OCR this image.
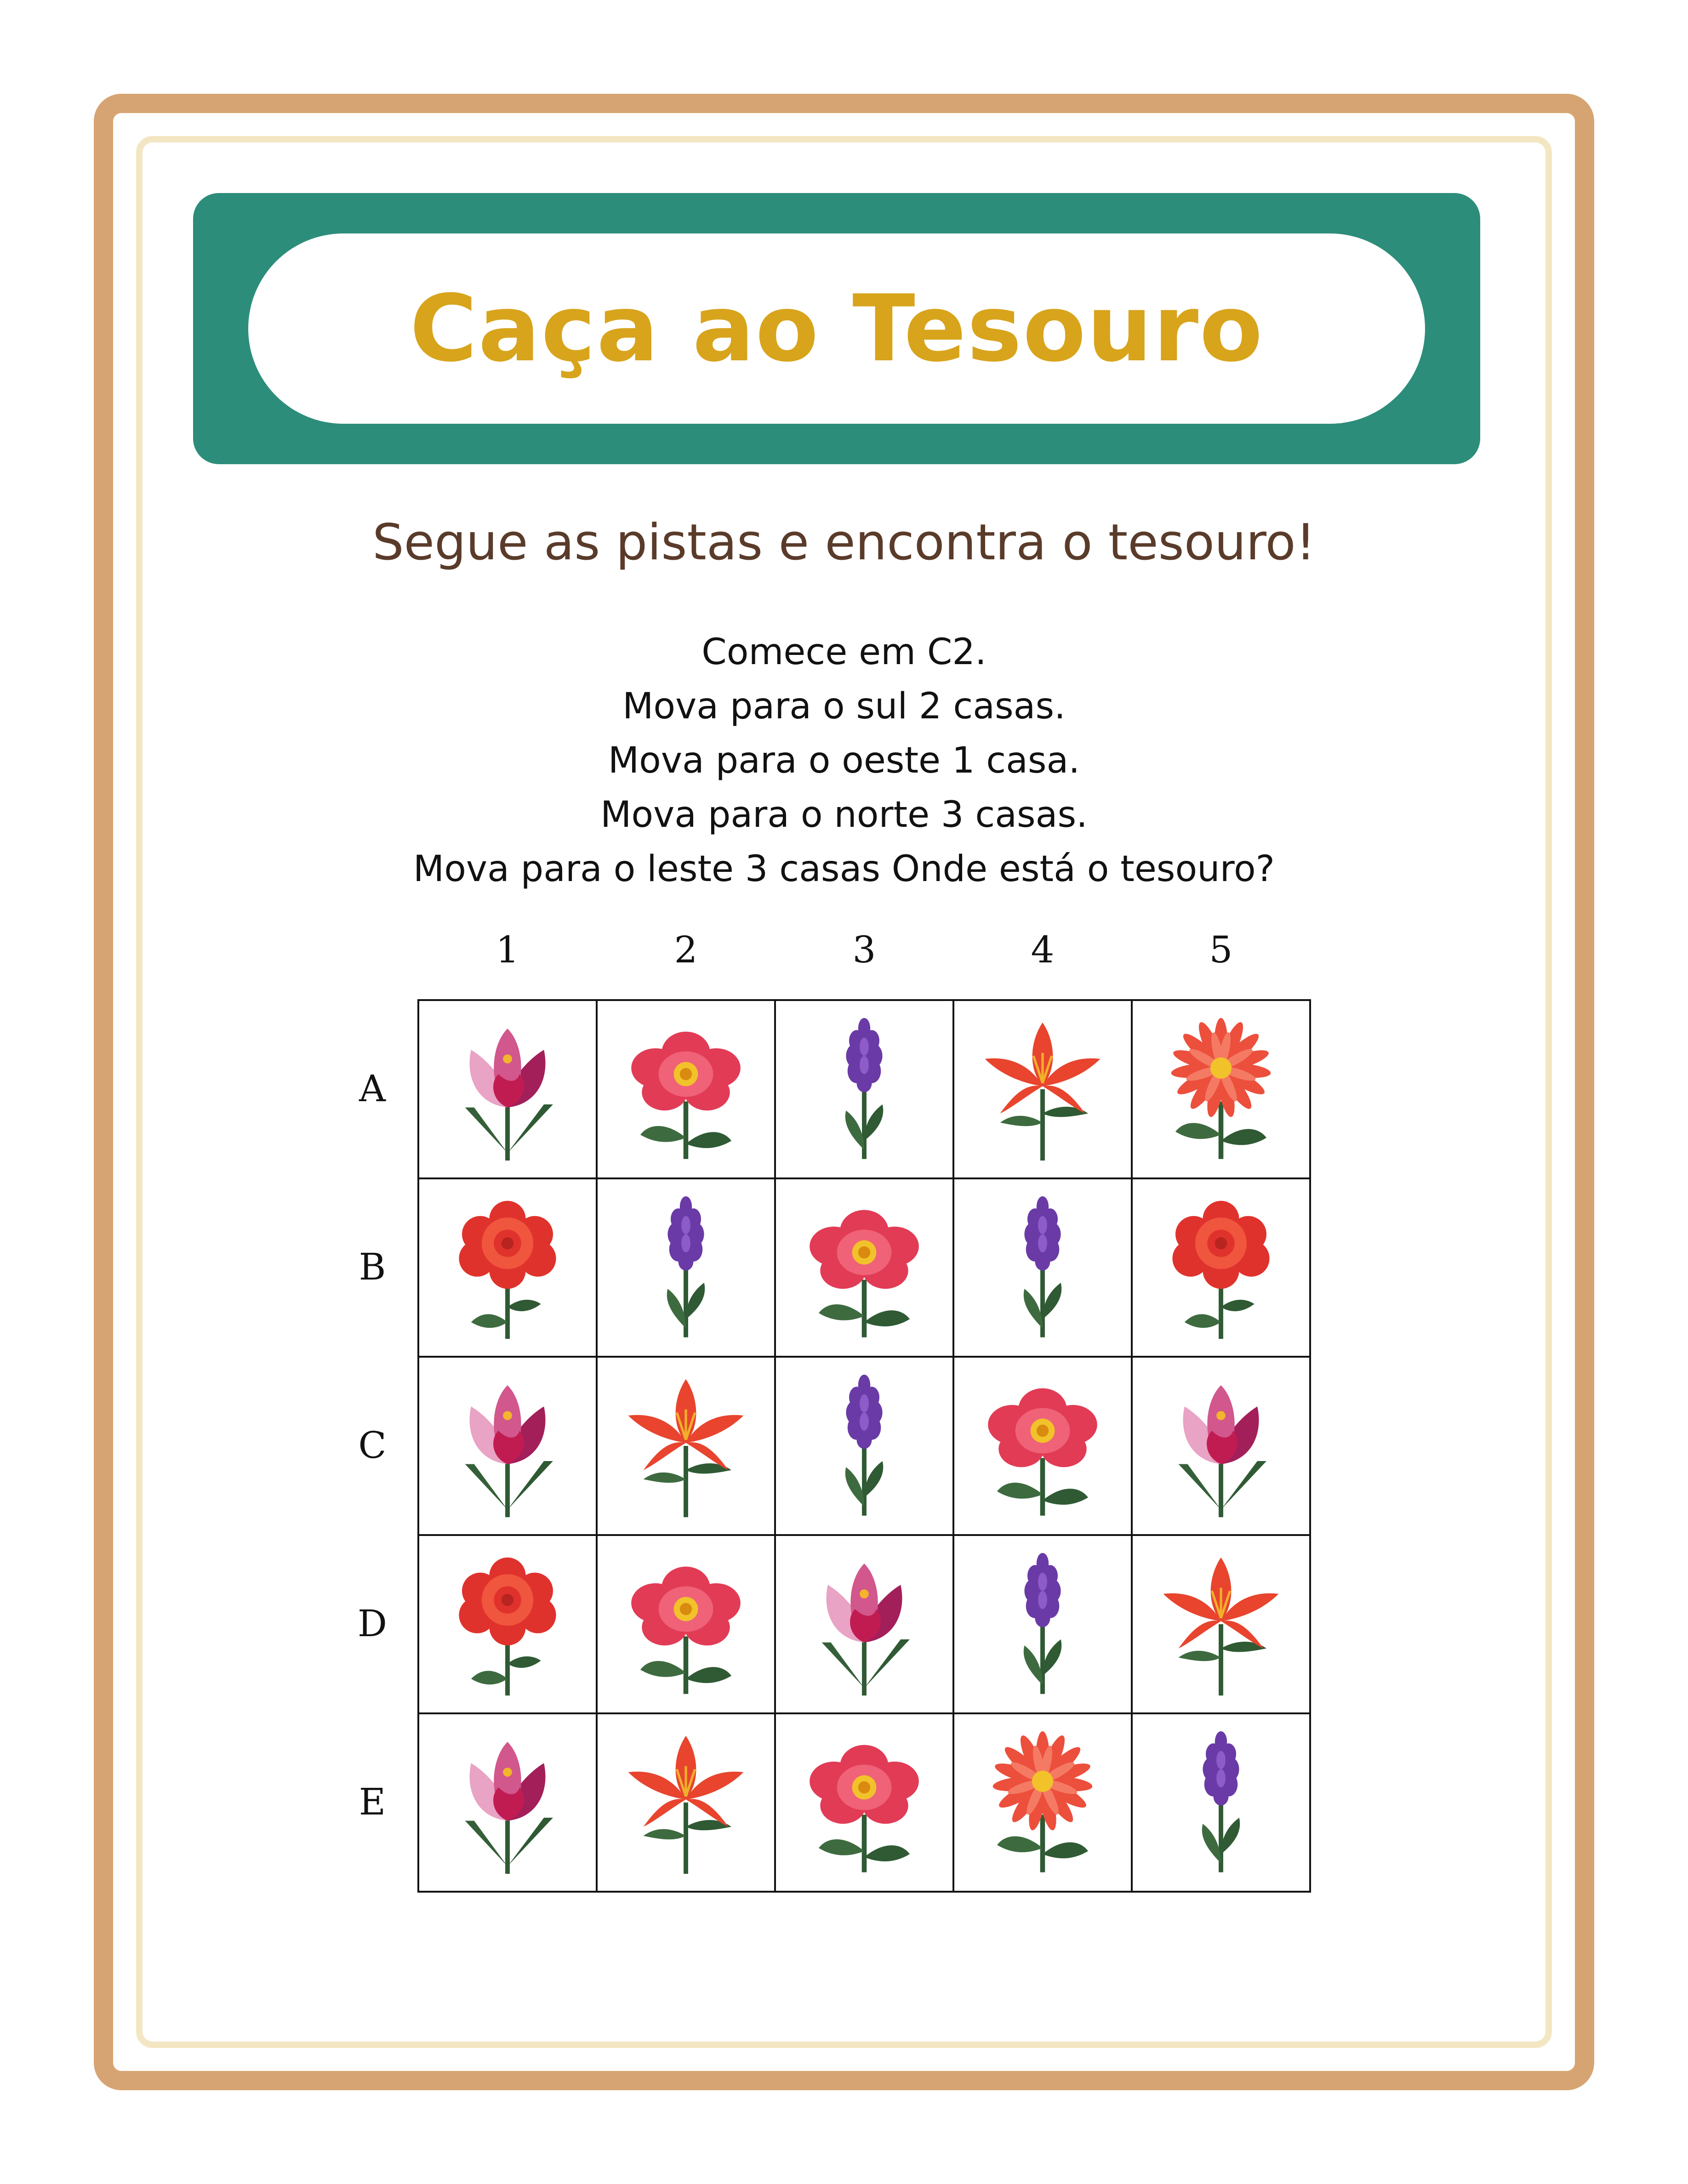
Caça ao Tesouro
Segue as pistas e encontra o tesouro!
Comece em C2.
Mova para o sul 2 casas.
Mova para o oeste 1 casa.
Mova para o norte 3 casas.
Mova para o leste 3 casas Onde está o tesouro?
1	2	3	4	5
A
B
C
D
E
